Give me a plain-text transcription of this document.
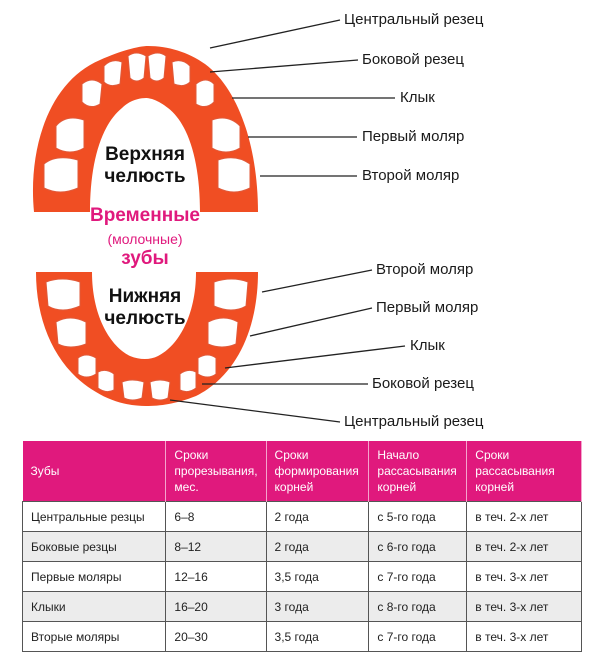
Верхняя
челюсть
Нижняя
челюсть
Временные
(молочные)
зубы
Центральный резец
Боковой резец
Клык
Первый моляр
Второй моляр
Второй моляр
Первый моляр
Клык
Боковой резец
Центральный резец
Зубы	Сроки прорезывания, мес.	Сроки формирования корней	Начало рассасывания корней	Сроки рассасывания корней
Центральные резцы	6–8	2 года	с 5-го года	в теч. 2-х лет
Боковые резцы	8–12	2 года	с 6-го года	в теч. 2-х лет
Первые моляры	12–16	3,5 года	с 7-го года	в теч. 3-х лет
Клыки	16–20	3 года	с 8-го года	в теч. 3-х лет
Вторые моляры	20–30	3,5 года	с 7-го года	в теч. 3-х лет
